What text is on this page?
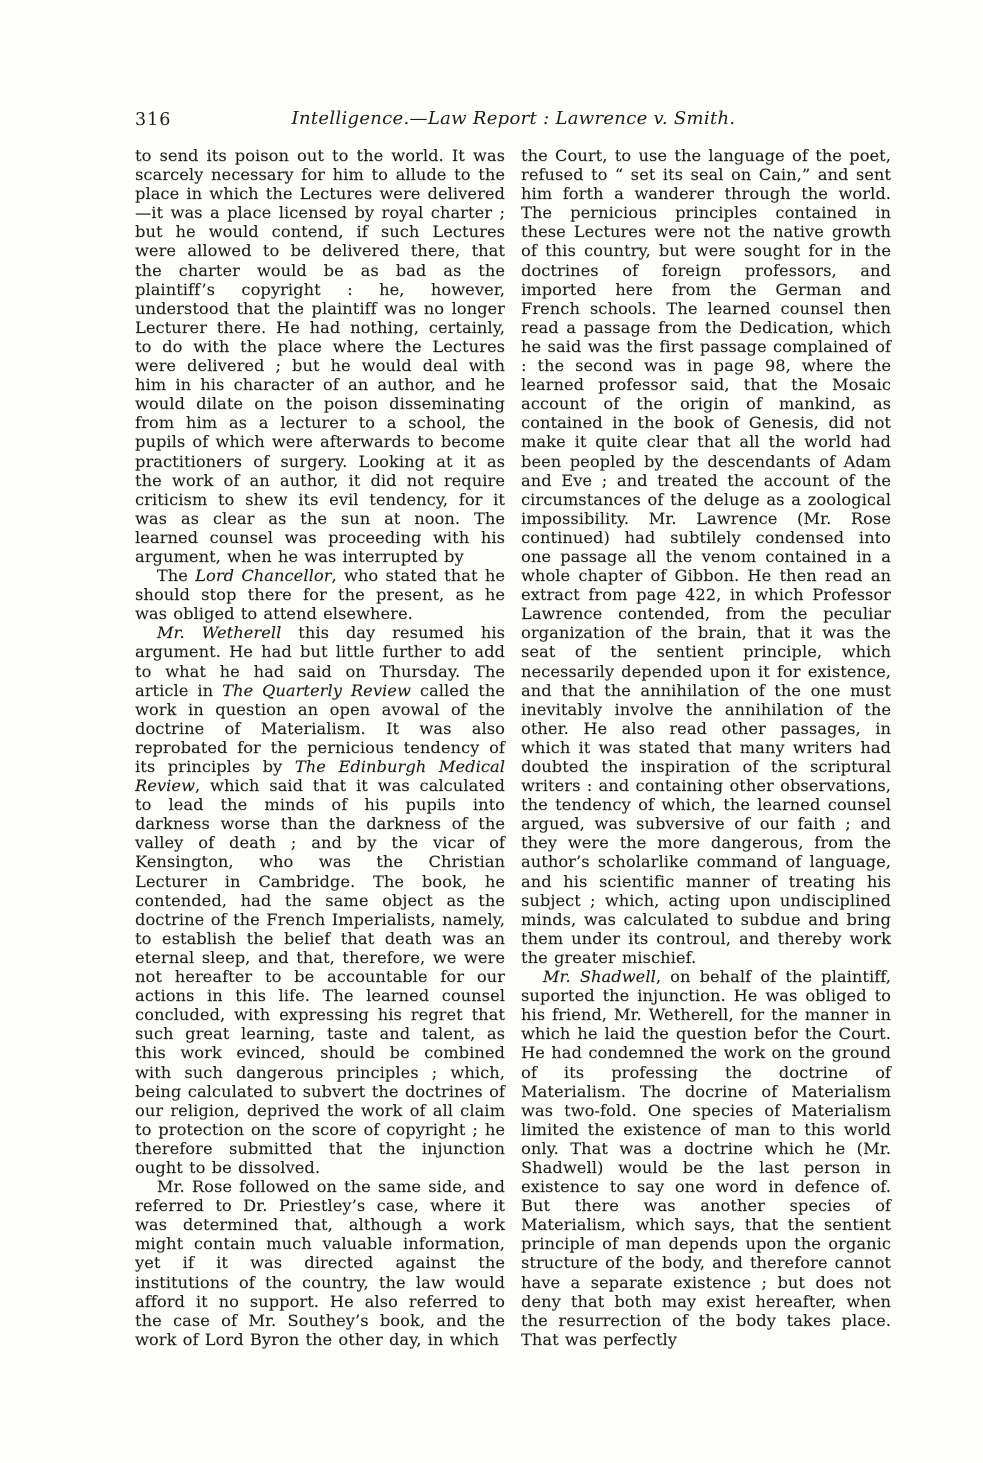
316	Intelligence.—Law Report : Lawrence v. Smith.

to send its poison out to the world. It was scarcely necessary for him to allude to the place in which the Lectures were delivered—it was a place licensed by royal charter ; but he would contend, if such Lectures were allowed to be delivered there, that the charter would be as bad as the plaintiff’s copyright : he, however, understood that the plaintiff was no longer Lecturer there. He had nothing, certainly, to do with the place where the Lectures were delivered ; but he would deal with him in his character of an author, and he would dilate on the poison disseminating from him as a lecturer to a school, the pupils of which were afterwards to become practitioners of surgery. Looking at it as the work of an author, it did not require criticism to shew its evil tendency, for it was as clear as the sun at noon. The learned counsel was proceeding with his argument, when he was interrupted by

The Lord Chancellor, who stated that he should stop there for the present, as he was obliged to attend elsewhere.

Mr. Wetherell this day resumed his argument. He had but little further to add to what he had said on Thursday. The article in The Quarterly Review called the work in question an open avowal of the doctrine of Materialism. It was also reprobated for the pernicious tendency of its principles by The Edinburgh Medical Review, which said that it was calculated to lead the minds of his pupils into darkness worse than the darkness of the valley of death ; and by the vicar of Kensington, who was the Christian Lecturer in Cambridge. The book, he contended, had the same object as the doctrine of the French Imperialists, namely, to establish the belief that death was an eternal sleep, and that, therefore, we were not hereafter to be accountable for our actions in this life. The learned counsel concluded, with expressing his regret that such great learning, taste and talent, as this work evinced, should be combined with such dangerous principles ; which, being calculated to subvert the doctrines of our religion, deprived the work of all claim to protection on the score of copyright ; he therefore submitted that the injunction ought to be dissolved.

Mr. Rose followed on the same side, and referred to Dr. Priestley’s case, where it was determined that, although a work might contain much valuable information, yet if it was directed against the institutions of the country, the law would afford it no support. He also referred to the case of Mr. Southey’s book, and the work of Lord Byron the other day, in which

the Court, to use the language of the poet, refused to “ set its seal on Cain,” and sent him forth a wanderer through the world. The pernicious principles contained in these Lectures were not the native growth of this country, but were sought for in the doctrines of foreign professors, and imported here from the German and French schools. The learned counsel then read a passage from the Dedication, which he said was the first passage complained of : the second was in page 98, where the learned professor said, that the Mosaic account of the origin of mankind, as contained in the book of Genesis, did not make it quite clear that all the world had been peopled by the descendants of Adam and Eve ; and treated the account of the circumstances of the deluge as a zoological impossibility. Mr. Lawrence (Mr. Rose continued) had subtilely condensed into one passage all the venom contained in a whole chapter of Gibbon. He then read an extract from page 422, in which Professor Lawrence contended, from the peculiar organization of the brain, that it was the seat of the sentient principle, which necessarily depended upon it for existence, and that the annihilation of the one must inevitably involve the annihilation of the other. He also read other passages, in which it was stated that many writers had doubted the inspiration of the scriptural writers : and containing other observations, the tendency of which, the learned counsel argued, was subversive of our faith ; and they were the more dangerous, from the author’s scholarlike command of language, and his scientific manner of treating his subject ; which, acting upon undisciplined minds, was calculated to subdue and bring them under its controul, and thereby work the greater mischief.

Mr. Shadwell, on behalf of the plaintiff, suported the injunction. He was obliged to his friend, Mr. Wetherell, for the manner in which he laid the question befor the Court. He had condemned the work on the ground of its professing the doctrine of Materialism. The docrine of Materialism was two-fold. One species of Materialism limited the existence of man to this world only. That was a doctrine which he (Mr. Shadwell) would be the last person in existence to say one word in defence of. But there was another species of Materialism, which says, that the sentient principle of man depends upon the organic structure of the body, and therefore cannot have a separate existence ; but does not deny that both may exist hereafter, when the resurrection of the body takes place. That was perfectly
